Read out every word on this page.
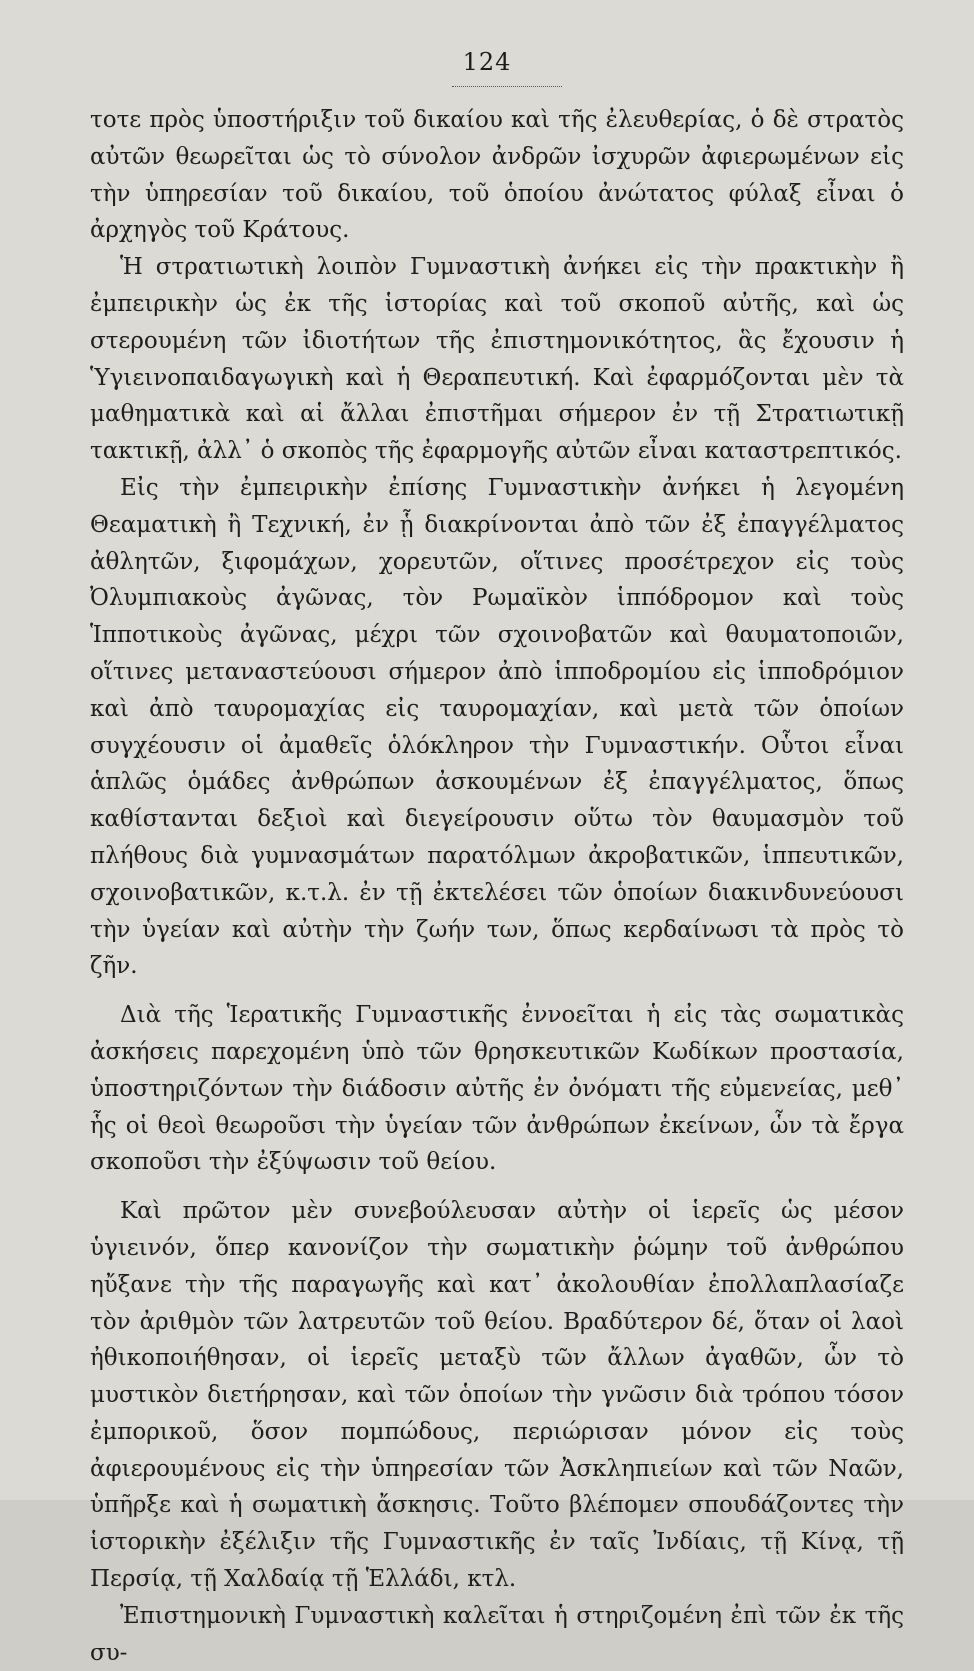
124

τοτε πρὸς ὑποστήριξιν τοῦ δικαίου καὶ τῆς ἐλευθερίας, ὁ δὲ στρατὸς αὐτῶν θεωρεῖται ὡς τὸ σύνολον ἀνδρῶν ἰσχυρῶν ἀφιερωμένων εἰς τὴν ὑπηρεσίαν τοῦ δικαίου, τοῦ ὁποίου ἀνώτατος φύλαξ εἶναι ὁ ἀρχηγὸς τοῦ Κράτους.

Ἡ στρατιωτικὴ λοιπὸν Γυμναστικὴ ἀνήκει εἰς τὴν πρακτικὴν ἢ ἐμπειρικὴν ὡς ἐκ τῆς ἱστορίας καὶ τοῦ σκοποῦ αὐτῆς, καὶ ὡς στερουμένη τῶν ἰδιοτήτων τῆς ἐπιστημονικότητος, ἃς ἔχουσιν ἡ Ὑγιεινοπαιδαγωγικὴ καὶ ἡ Θεραπευτική. Καὶ ἐφαρμόζονται μὲν τὰ μαθηματικὰ καὶ αἱ ἄλλαι ἐπιστῆμαι σήμερον ἐν τῇ Στρατιωτικῇ τακτικῇ, ἀλλ᾽ ὁ σκοπὸς τῆς ἐφαρμογῆς αὐτῶν εἶναι καταστρεπτικός.

Εἰς τὴν ἐμπειρικὴν ἐπίσης Γυμναστικὴν ἀνήκει ἡ λεγομένη Θεαματικὴ ἢ Τεχνική, ἐν ᾗ διακρίνονται ἀπὸ τῶν ἐξ ἐπαγγέλματος ἀθλητῶν, ξιφομάχων, χορευτῶν, οἵτινες προσέτρεχον εἰς τοὺς Ὀλυμπιακοὺς ἀγῶνας, τὸν Ρωμαϊκὸν ἱππόδρομον καὶ τοὺς Ἱπποτικοὺς ἀγῶνας, μέχρι τῶν σχοινοβατῶν καὶ θαυματοποιῶν, οἵτινες μεταναστεύουσι σήμερον ἀπὸ ἱπποδρομίου εἰς ἱπποδρόμιον καὶ ἀπὸ ταυρομαχίας εἰς ταυρομαχίαν, καὶ μετὰ τῶν ὁποίων συγχέουσιν οἱ ἀμαθεῖς ὁλόκληρον τὴν Γυμναστικήν. Οὗτοι εἶναι ἁπλῶς ὁμάδες ἀνθρώπων ἀσκουμένων ἐξ ἐπαγγέλματος, ὅπως καθίστανται δεξιοὶ καὶ διεγείρουσιν οὕτω τὸν θαυμασμὸν τοῦ πλήθους διὰ γυμνασμάτων παρατόλμων ἀκροβατικῶν, ἱππευτικῶν, σχοινοβατικῶν, κ.τ.λ. ἐν τῇ ἐκτελέσει τῶν ὁποίων διακινδυνεύουσι τὴν ὑγείαν καὶ αὐτὴν τὴν ζωήν των, ὅπως κερδαίνωσι τὰ πρὸς τὸ ζῆν.

Διὰ τῆς Ἱερατικῆς Γυμναστικῆς ἐννοεῖται ἡ εἰς τὰς σωματικὰς ἀσκήσεις παρεχομένη ὑπὸ τῶν θρησκευτικῶν Κωδίκων προστασία, ὑποστηριζόντων τὴν διάδοσιν αὐτῆς ἐν ὀνόματι τῆς εὐμενείας, μεθ᾽ ἧς οἱ θεοὶ θεωροῦσι τὴν ὑγείαν τῶν ἀνθρώπων ἐκείνων, ὧν τὰ ἔργα σκοποῦσι τὴν ἐξύψωσιν τοῦ θείου.

Καὶ πρῶτον μὲν συνεβούλευσαν αὐτὴν οἱ ἱερεῖς ὡς μέσον ὑγιεινόν, ὅπερ κανονίζον τὴν σωματικὴν ῥώμην τοῦ ἀνθρώπου ηὔξανε τὴν τῆς παραγωγῆς καὶ κατ᾽ ἀκολουθίαν ἐπολλαπλασίαζε τὸν ἀριθμὸν τῶν λατρευτῶν τοῦ θείου. Βραδύτερον δέ, ὅταν οἱ λαοὶ ἠθικοποιήθησαν, οἱ ἱερεῖς μεταξὺ τῶν ἄλλων ἀγαθῶν, ὧν τὸ μυστικὸν διετήρησαν, καὶ τῶν ὁποίων τὴν γνῶσιν διὰ τρόπου τόσον ἐμπορικοῦ, ὅσον πομπώδους, περιώρισαν μόνον εἰς τοὺς ἀφιερουμένους εἰς τὴν ὑπηρεσίαν τῶν Ἀσκληπιείων καὶ τῶν Ναῶν, ὑπῆρξε καὶ ἡ σωματικὴ ἄσκησις. Τοῦτο βλέπομεν σπουδάζοντες τὴν ἱστορικὴν ἐξέλιξιν τῆς Γυμναστικῆς ἐν ταῖς Ἰνδίαις, τῇ Κίνᾳ, τῇ Περσίᾳ, τῇ Χαλδαίᾳ τῇ Ἑλλάδι, κτλ.

Ἐπιστημονικὴ Γυμναστικὴ καλεῖται ἡ στηριζομένη ἐπὶ τῶν ἐκ τῆς συ-
